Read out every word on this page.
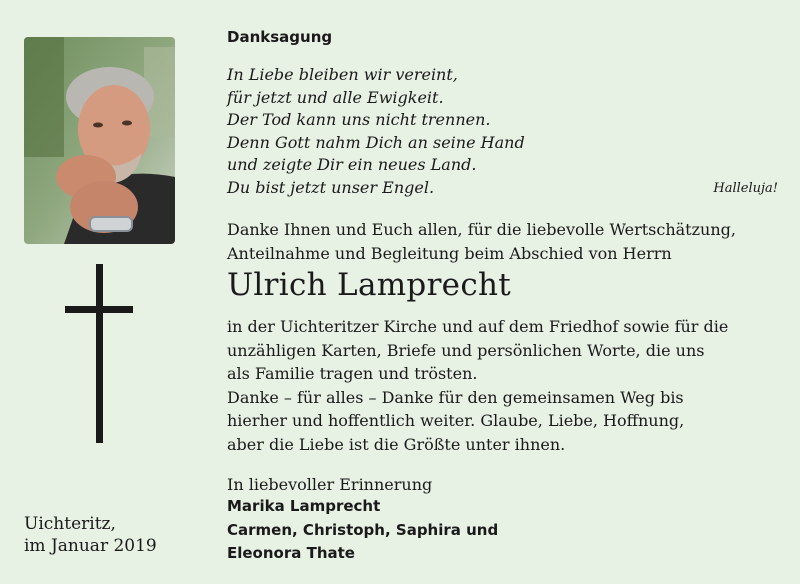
Uichteritz,
im Januar 2019
Danksagung
In Liebe bleiben wir vereint,
für jetzt und alle Ewigkeit.
Der Tod kann uns nicht trennen.
Denn Gott nahm Dich an seine Hand
und zeigte Dir ein neues Land.
Du bist jetzt unser Engel.	Halleluja!
Danke Ihnen und Euch allen, für die liebevolle Wertschätzung,
Anteilnahme und Begleitung beim Abschied von Herrn
Ulrich Lamprecht
in der Uichteritzer Kirche und auf dem Friedhof sowie für die
unzähligen Karten, Briefe und persönlichen Worte, die uns
als Familie tragen und trösten.
Danke – für alles – Danke für den gemeinsamen Weg bis
hierher und hoffentlich weiter. Glaube, Liebe, Hoffnung,
aber die Liebe ist die Größte unter ihnen.
In liebevoller Erinnerung
Marika Lamprecht
Carmen, Christoph, Saphira und
Eleonora Thate
